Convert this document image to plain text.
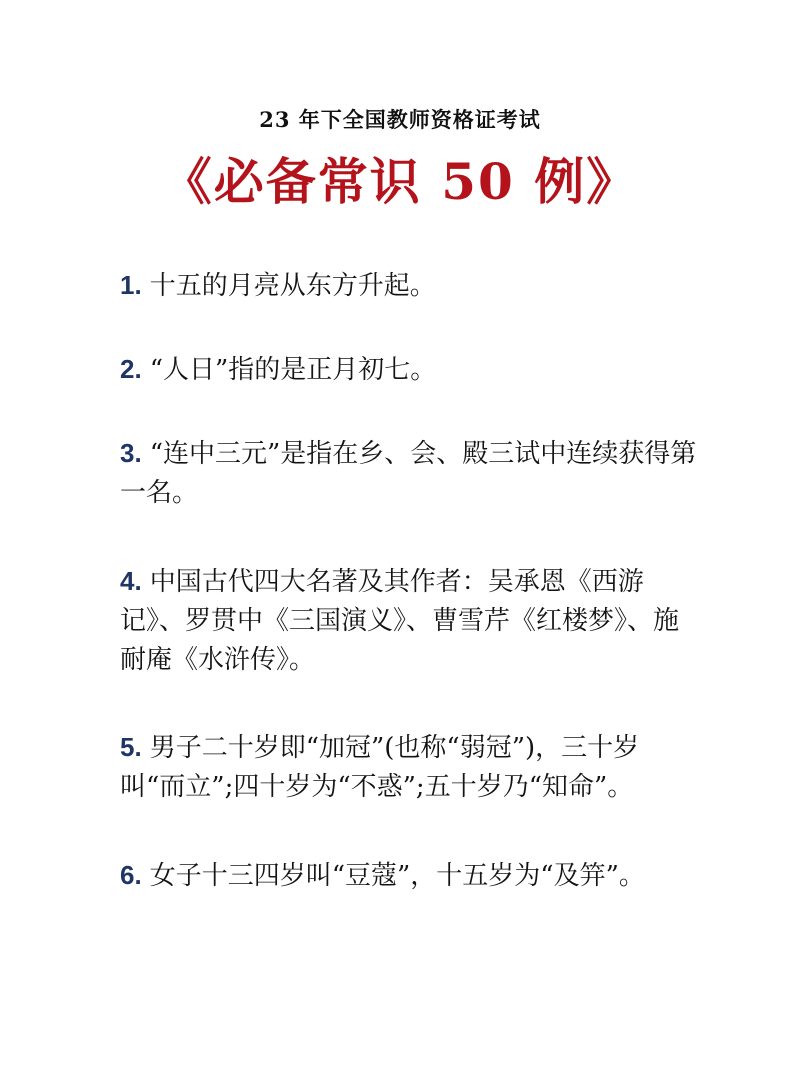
23 年下全国教师资格证考试
《必备常识 50 例》
1. 十五的月亮从东方升起。
2. “人日”指的是正月初七。
3. “连中三元”是指在乡、会、殿三试中连续获得第一名。
4. 中国古代四大名著及其作者：吴承恩《西游记》、罗贯中《三国演义》、曹雪芹《红楼梦》、施耐庵《水浒传》。
5. 男子二十岁即“加冠”(也称“弱冠”)，三十岁叫“而立”;四十岁为“不惑”;五十岁乃“知命”。
6. 女子十三四岁叫“豆蔻”，十五岁为“及笄”。
